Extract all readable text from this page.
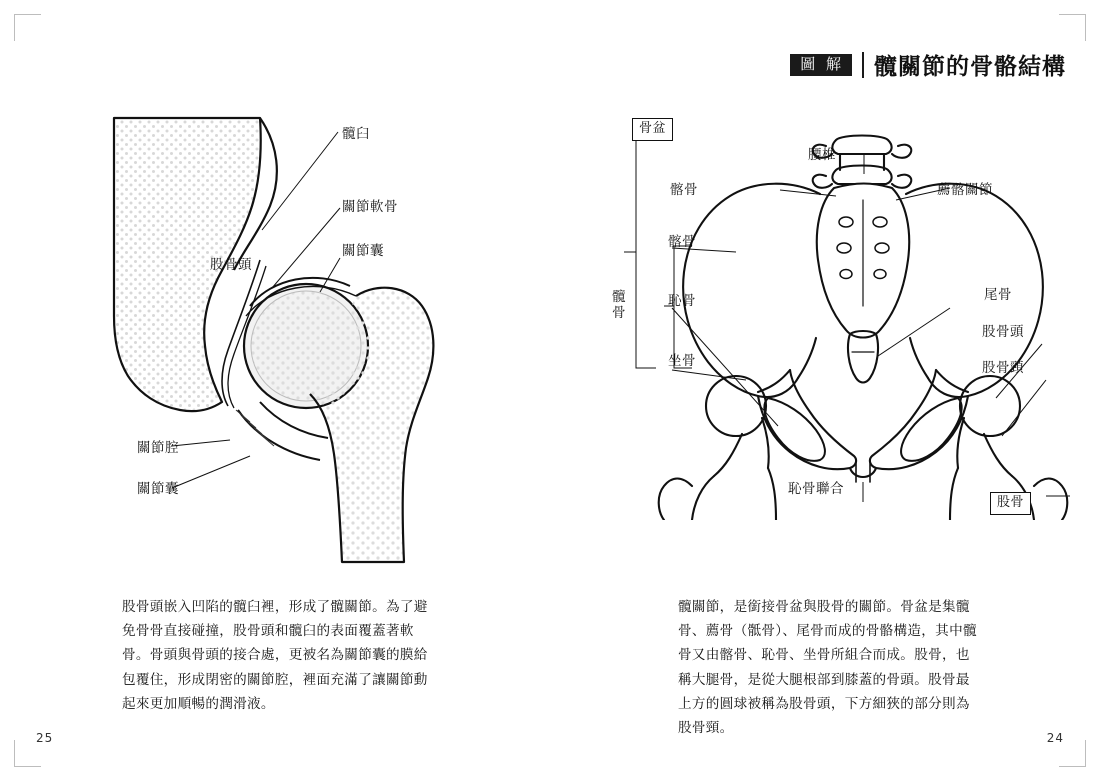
圖 解	髖關節的骨骼結構
髖臼
關節軟骨
關節囊
股骨頭
關節腔
關節囊

股骨頭嵌入凹陷的髖臼裡，形成了髖關節。為了避免骨骨直接碰撞，股骨頭和髖臼的表面覆蓋著軟骨。骨頭與骨頭的接合處，更被名為關節囊的膜給包覆住，形成閉密的關節腔，裡面充滿了讓關節動起來更加順暢的潤滑液。

25
骨盆
腰椎
髂骨	薦髂關節
髂骨
恥骨
坐骨
髖骨
尾骨
股骨頭
股骨頸
恥骨聯合
股骨

髖關節，是銜接骨盆與股骨的關節。骨盆是集髖骨、薦骨（骶骨）、尾骨而成的骨骼構造，其中髖骨又由髂骨、恥骨、坐骨所組合而成。股骨，也稱大腿骨，是從大腿根部到膝蓋的骨頭。股骨最上方的圓球被稱為股骨頭，下方細狹的部分則為股骨頸。

24
